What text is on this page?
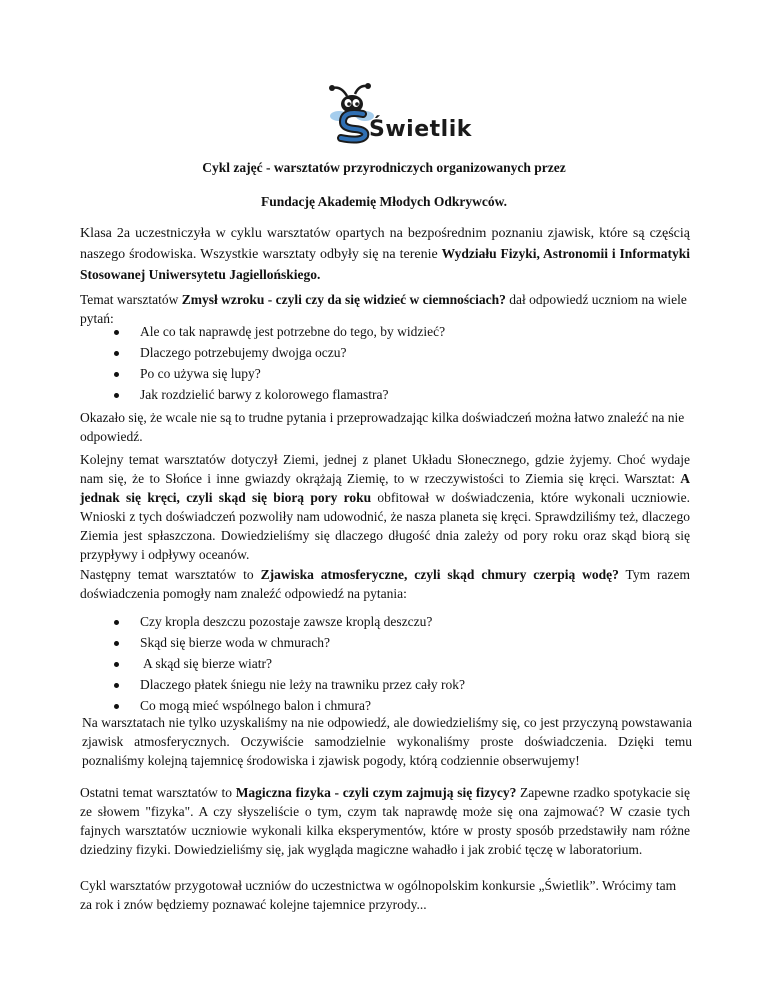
Świetlik
Cykl zajęć - warsztatów przyrodniczych organizowanych przez
Fundację Akademię Młodych Odkrywców.
Klasa 2a uczestniczyła w cyklu warsztatów opartych na bezpośrednim poznaniu zjawisk, które są częścią naszego środowiska. Wszystkie warsztaty odbyły się na terenie Wydziału Fizyki, Astronomii i Informatyki Stosowanej Uniwersytetu Jagiellońskiego.
Temat warsztatów Zmysł wzroku - czyli czy da się widzieć w ciemnościach? dał odpowiedź uczniom na wiele pytań:
Ale co tak naprawdę jest potrzebne do tego, by widzieć?
Dlaczego potrzebujemy dwojga oczu?
Po co używa się lupy?
Jak rozdzielić barwy z kolorowego flamastra?
Okazało się, że wcale nie są to trudne pytania i przeprowadzając kilka doświadczeń można łatwo znaleźć na nie odpowiedź.
Kolejny temat warsztatów dotyczył Ziemi, jednej z planet Układu Słonecznego, gdzie żyjemy. Choć wydaje nam się, że to Słońce i inne gwiazdy okrążają Ziemię, to w rzeczywistości to Ziemia się kręci. Warsztat: A jednak się kręci, czyli skąd się biorą pory roku obfitował w doświadczenia, które wykonali uczniowie. Wnioski z tych doświadczeń pozwoliły nam udowodnić, że nasza planeta się kręci. Sprawdziliśmy też, dlaczego Ziemia jest spłaszczona. Dowiedzieliśmy się dlaczego długość dnia zależy od pory roku oraz skąd biorą się przypływy i odpływy oceanów.
Następny temat warsztatów to Zjawiska atmosferyczne, czyli skąd chmury czerpią wodę? Tym razem doświadczenia pomogły nam znaleźć odpowiedź na pytania:
Czy kropla deszczu pozostaje zawsze kroplą deszczu?
Skąd się bierze woda w chmurach?
A skąd się bierze wiatr?
Dlaczego płatek śniegu nie leży na trawniku przez cały rok?
Co mogą mieć wspólnego balon i chmura?
Na warsztatach nie tylko uzyskaliśmy na nie odpowiedź, ale dowiedzieliśmy się, co jest przyczyną powstawania zjawisk atmosferycznych. Oczywiście samodzielnie wykonaliśmy proste doświadczenia. Dzięki temu poznaliśmy kolejną tajemnicę środowiska i zjawisk pogody, którą codziennie obserwujemy!
Ostatni temat warsztatów to Magiczna fizyka - czyli czym zajmują się fizycy? Zapewne rzadko spotykacie się ze słowem "fizyka". A czy słyszeliście o tym, czym tak naprawdę może się ona zajmować? W czasie tych fajnych warsztatów uczniowie wykonali kilka eksperymentów, które w prosty sposób przedstawiły nam różne dziedziny fizyki. Dowiedzieliśmy się, jak wygląda magiczne wahadło i jak zrobić tęczę w laboratorium.
Cykl warsztatów przygotował uczniów do uczestnictwa w ogólnopolskim konkursie „Świetlik”. Wrócimy tam za rok i znów będziemy poznawać kolejne tajemnice przyrody...
